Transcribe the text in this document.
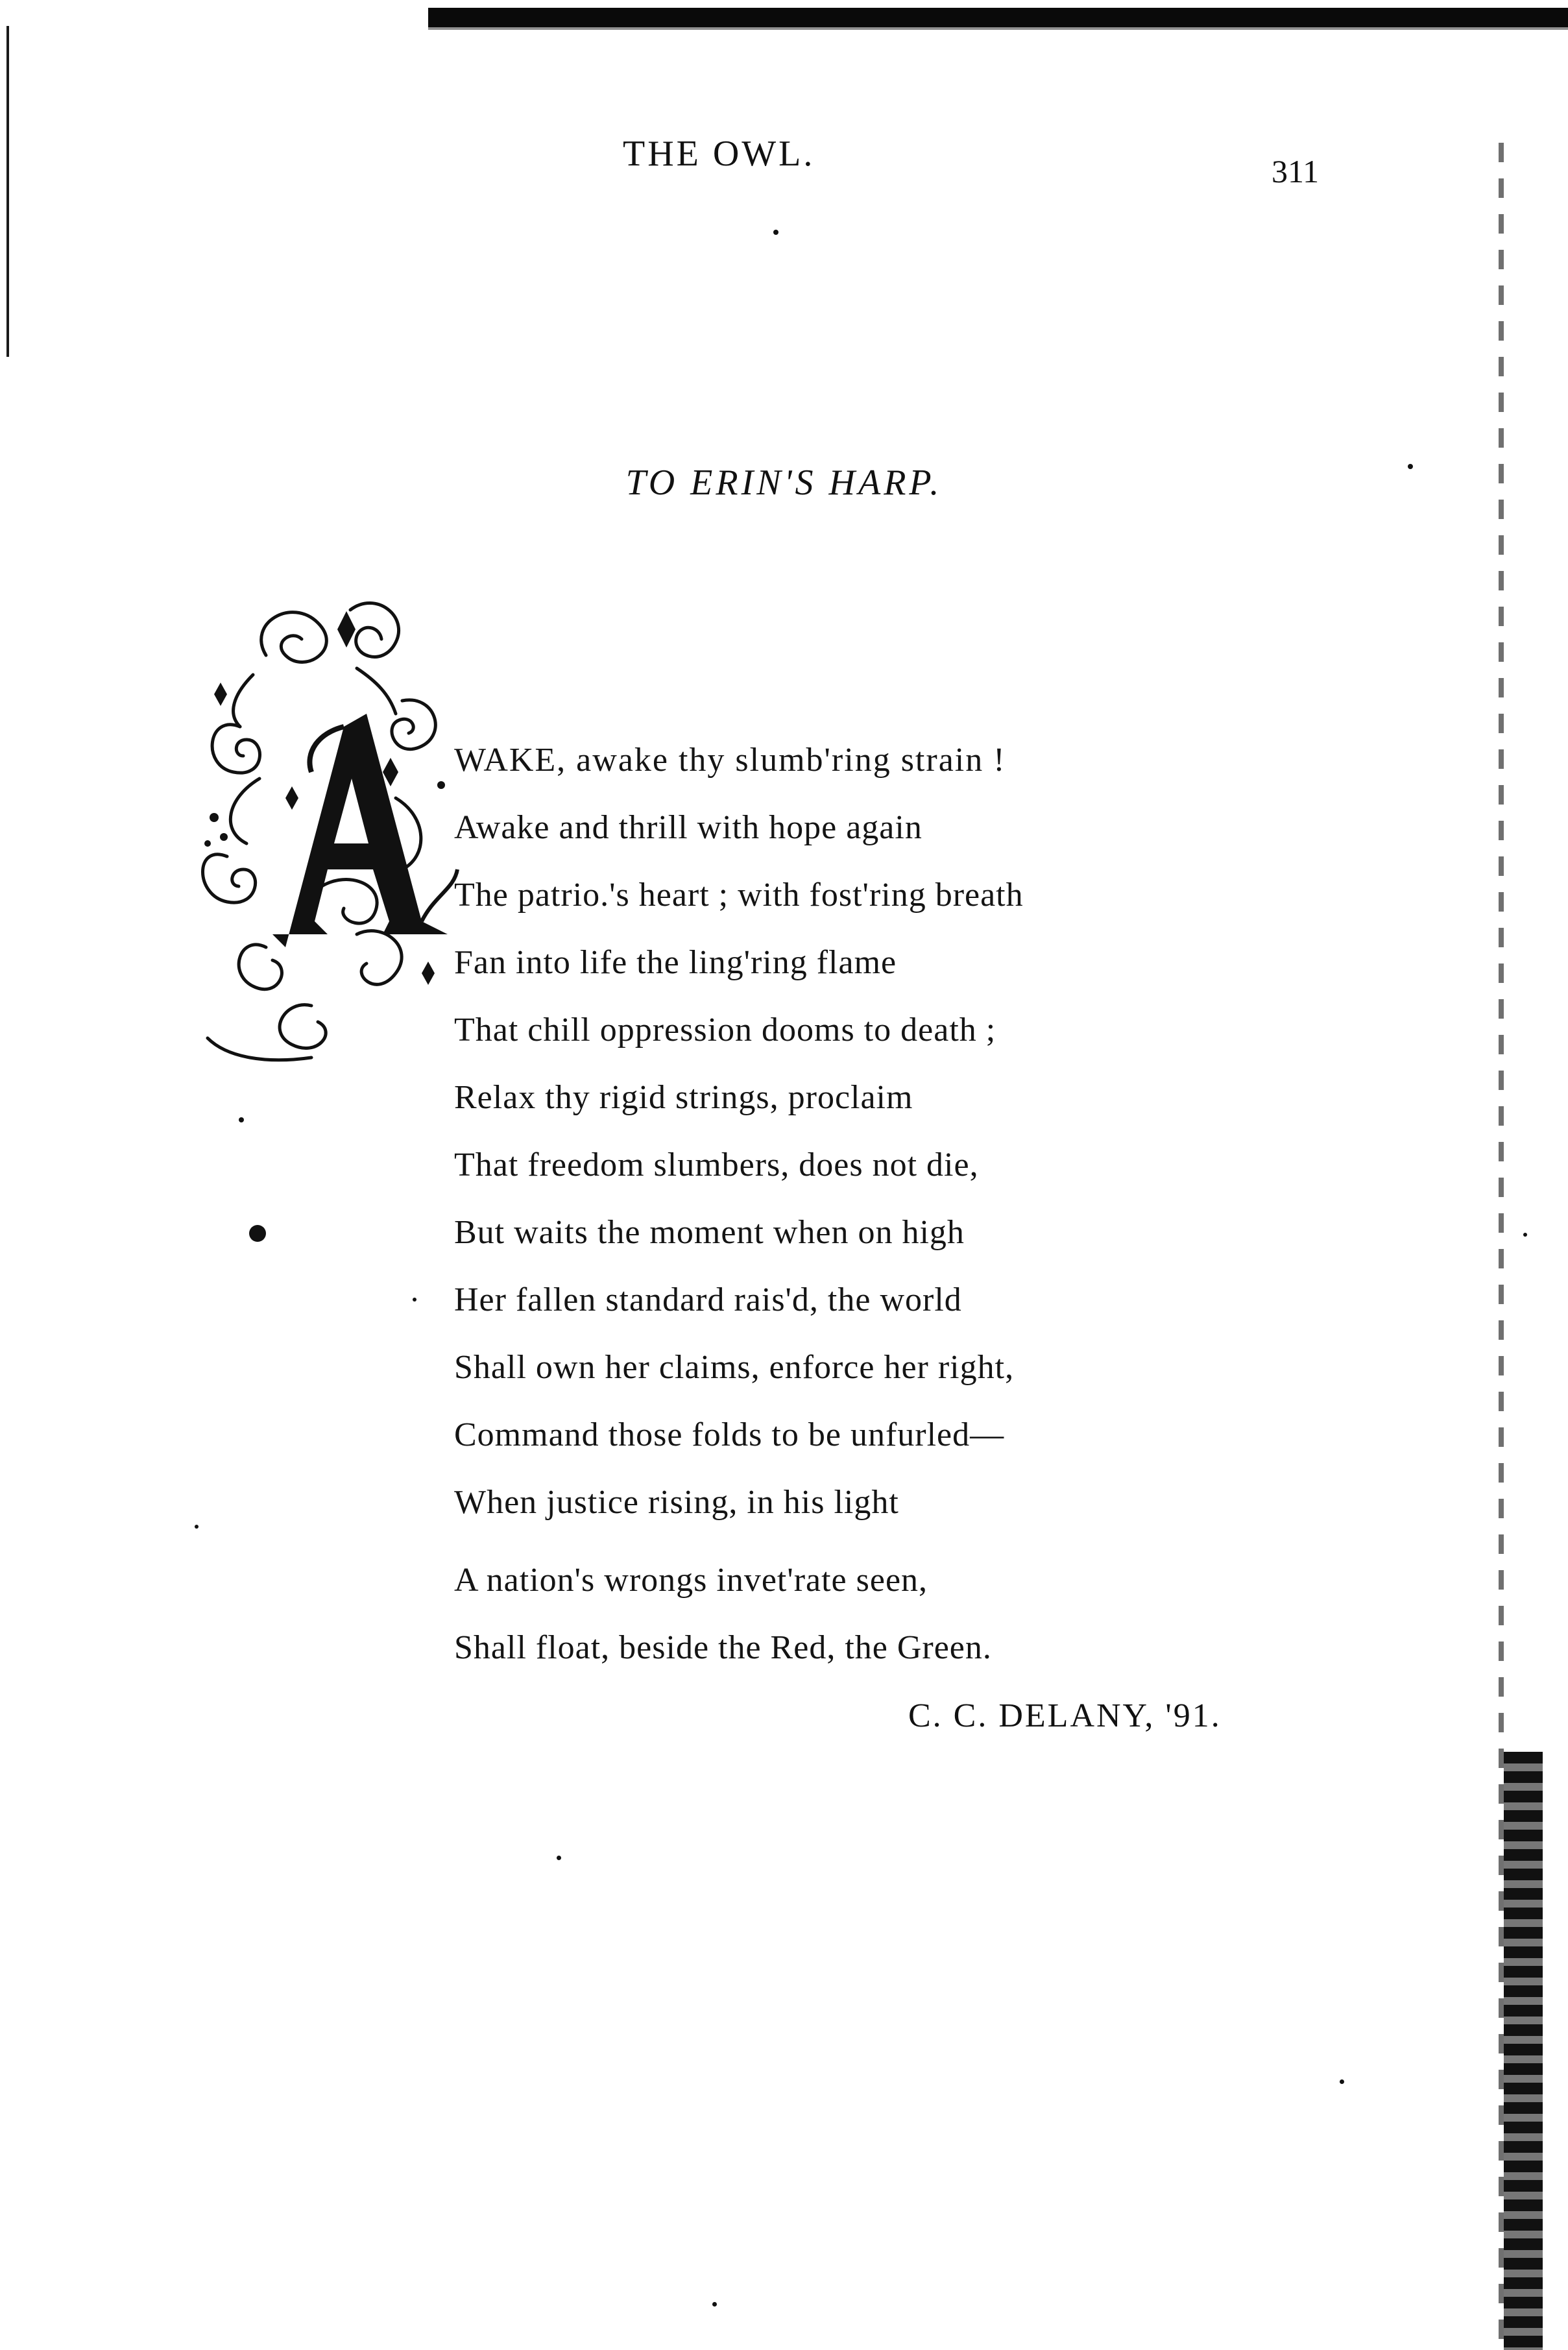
THE OWL.	311
TO ERIN'S HARP.
WAKE, awake thy slumb'ring strain !
Awake and thrill with hope again
The patrio.'s heart ; with fost'ring breath
Fan into life the ling'ring flame
That chill oppression dooms to death ;
Relax thy rigid strings, proclaim
That freedom slumbers, does not die,
But waits the moment when on high
Her fallen standard rais'd, the world
Shall own her claims, enforce her right,
Command those folds to be unfurled—
When justice rising, in his light
A nation's wrongs invet'rate seen,
Shall float, beside the Red, the Green.
C. C. DELANY, '91.
